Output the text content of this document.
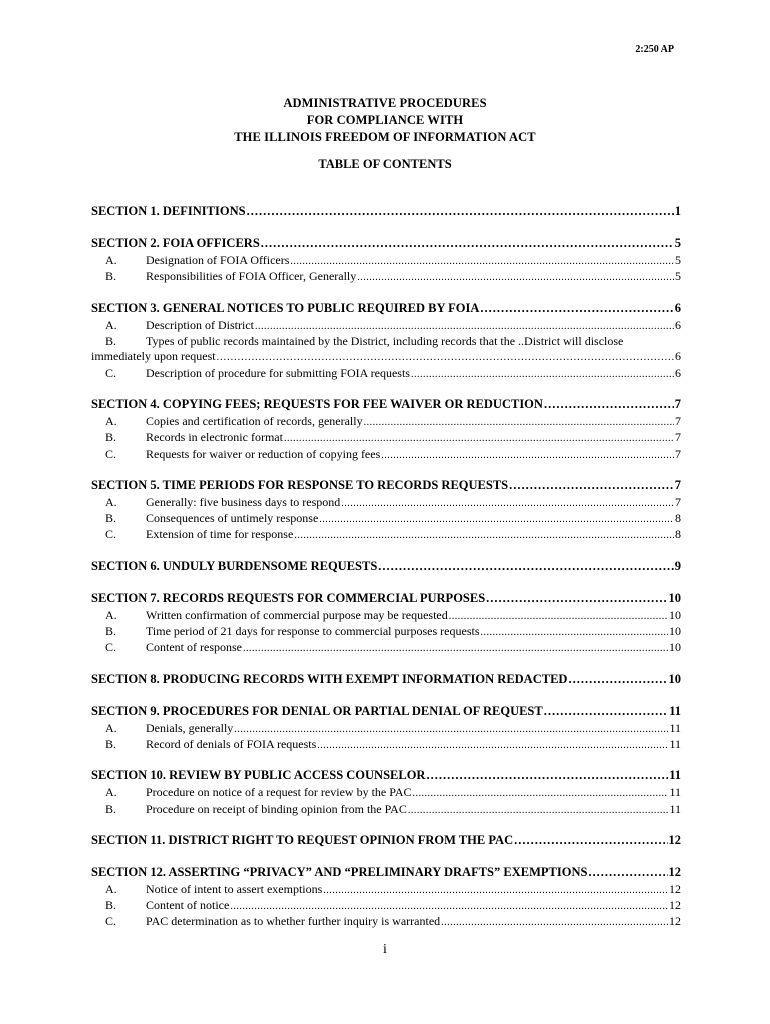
2:250 AP
ADMINISTRATIVE PROCEDURES
FOR COMPLIANCE WITH
THE ILLINOIS FREEDOM OF INFORMATION ACT
TABLE OF CONTENTS
SECTION 1. DEFINITIONS .....	1
SECTION 2. FOIA OFFICERS .....	5
A.	Designation of FOIA Officers .....	5
B.	Responsibilities of FOIA Officer, Generally .....	5
SECTION 3. GENERAL NOTICES TO PUBLIC REQUIRED BY FOIA .....	6
A.	Description of District .....	6
B.	Types of public records maintained by the District, including records that the ..District will disclose
immediately upon request .....	6
C.	Description of procedure for submitting FOIA requests .....	6
SECTION 4. COPYING FEES; REQUESTS FOR FEE WAIVER OR REDUCTION .....	7
A.	Copies and certification of records, generally .....	7
B.	Records in electronic format .....	7
C.	Requests for waiver or reduction of copying fees .....	7
SECTION 5. TIME PERIODS FOR RESPONSE TO RECORDS REQUESTS .....	7
A.	Generally: five business days to respond .....	7
B.	Consequences of untimely response .....	8
C.	Extension of time for response .....	8
SECTION 6. UNDULY BURDENSOME REQUESTS .....	9
SECTION 7. RECORDS REQUESTS FOR COMMERCIAL PURPOSES .....	10
A.	Written confirmation of commercial purpose may be requested .....	10
B.	Time period of 21 days for response to commercial purposes requests .....	10
C.	Content of response .....	10
SECTION 8. PRODUCING RECORDS WITH EXEMPT INFORMATION REDACTED .....	10
SECTION 9. PROCEDURES FOR DENIAL OR PARTIAL DENIAL OF REQUEST .....	11
A.	Denials, generally .....	11
B.	Record of denials of FOIA requests .....	11
SECTION 10. REVIEW BY PUBLIC ACCESS COUNSELOR .....	11
A.	Procedure on notice of a request for review by the PAC .....	11
B.	Procedure on receipt of binding opinion from the PAC .....	11
SECTION 11. DISTRICT RIGHT TO REQUEST OPINION FROM THE PAC .....	12
SECTION 12. ASSERTING “PRIVACY” AND “PRELIMINARY DRAFTS” EXEMPTIONS .....	12
A.	Notice of intent to assert exemptions .....	12
B.	Content of notice .....	12
C.	PAC determination as to whether further inquiry is warranted .....	12
i
